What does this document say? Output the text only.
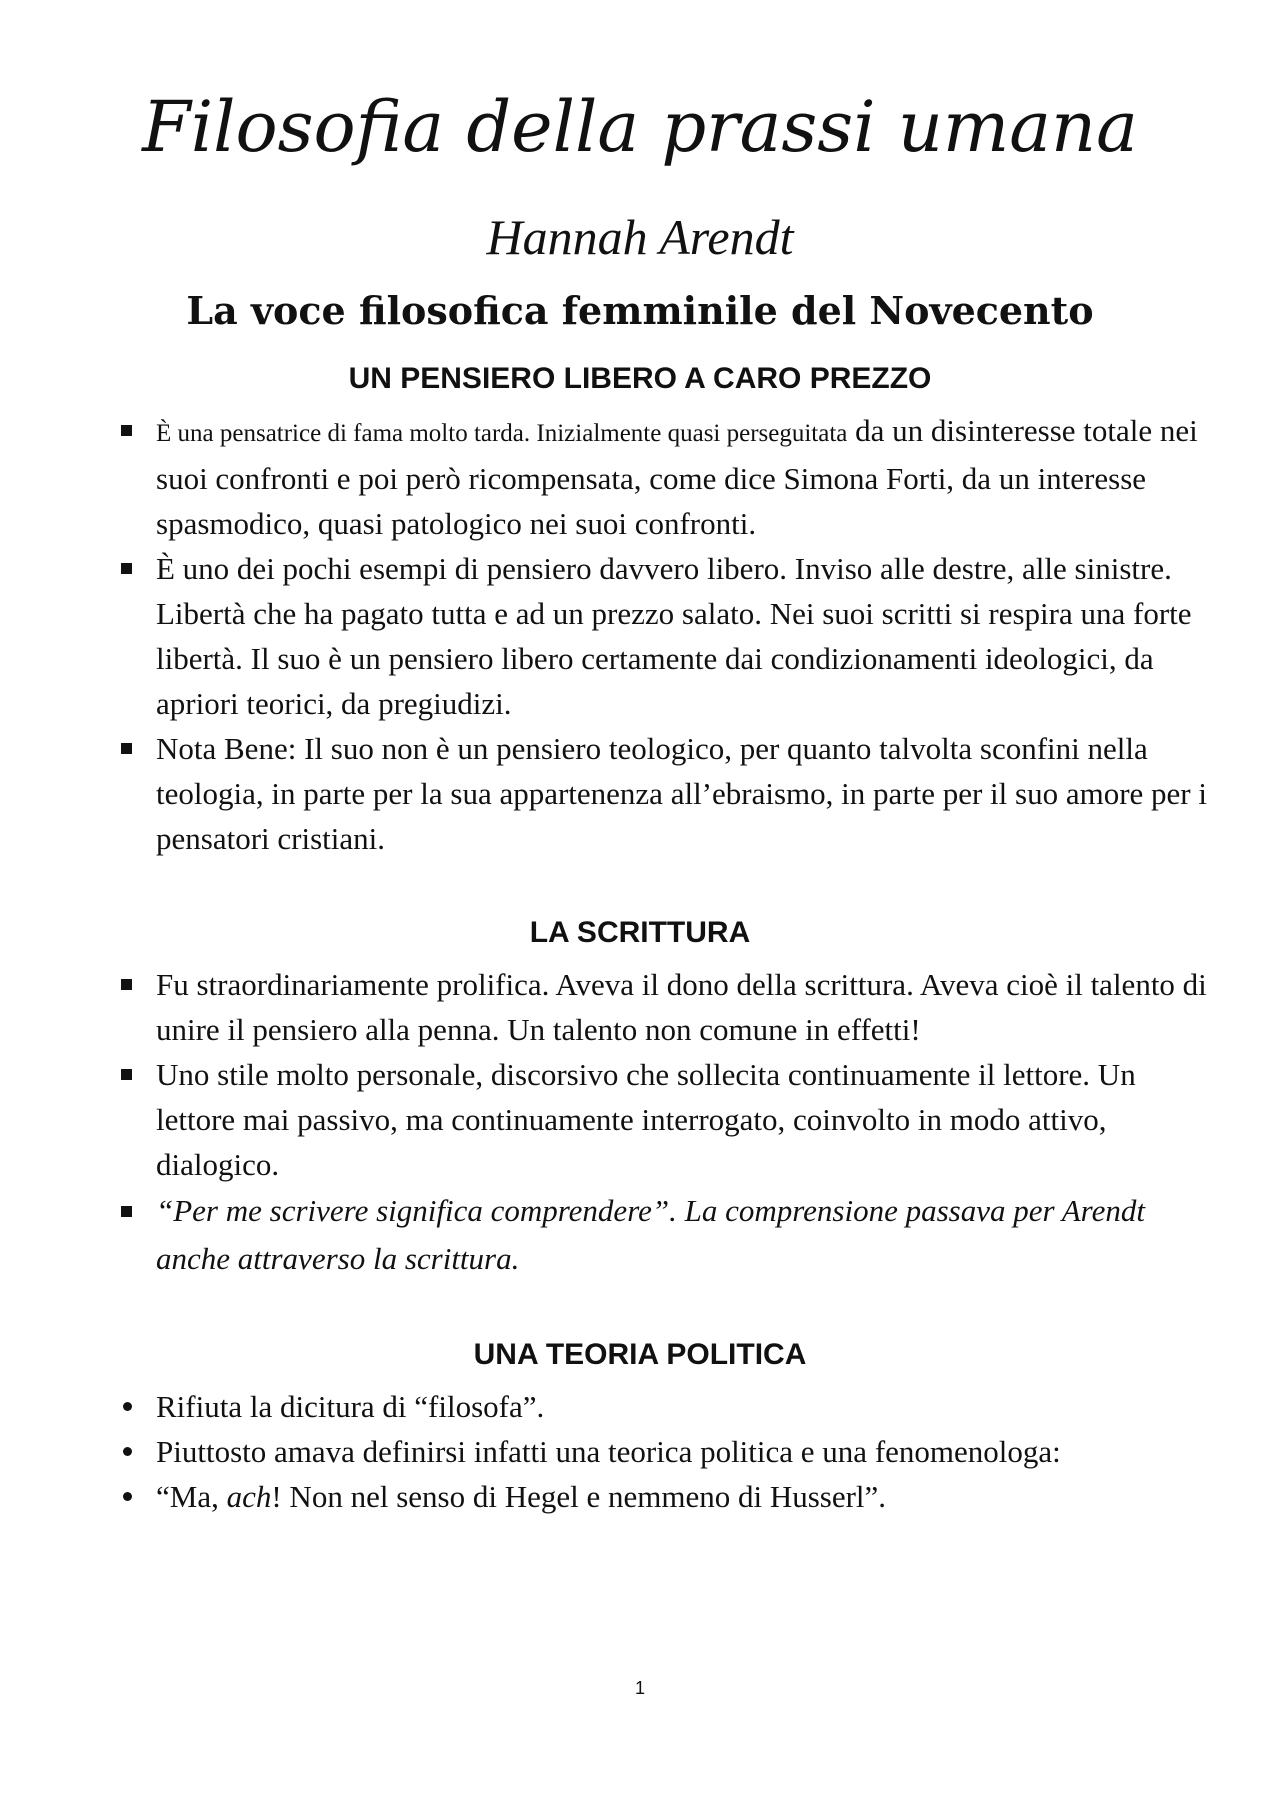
Filosofia della prassi umana
Hannah Arendt
La voce filosofica femminile del Novecento
UN PENSIERO LIBERO A CARO PREZZO
È una pensatrice di fama molto tarda. Inizialmente quasi perseguitata da un disinteresse totale nei suoi confronti e poi però ricompensata, come dice Simona Forti, da un interesse spasmodico, quasi patologico nei suoi confronti.
È uno dei pochi esempi di pensiero davvero libero. Inviso alle destre, alle sinistre. Libertà che ha pagato tutta e ad un prezzo salato. Nei suoi scritti si respira una forte libertà. Il suo è un pensiero libero certamente dai condizionamenti ideologici, da apriori teorici, da pregiudizi.
Nota Bene: Il suo non è un pensiero teologico, per quanto talvolta sconfini nella teologia, in parte per la sua appartenenza all’ebraismo, in parte per il suo amore per i pensatori cristiani.
LA SCRITTURA
Fu straordinariamente prolifica. Aveva il dono della scrittura. Aveva cioè il talento di unire il pensiero alla penna. Un talento non comune in effetti!
Uno stile molto personale, discorsivo che sollecita continuamente il lettore. Un lettore mai passivo, ma continuamente interrogato, coinvolto in modo attivo, dialogico.
“Per me scrivere significa comprendere”. La comprensione passava per Arendt anche attraverso la scrittura.
UNA TEORIA POLITICA
Rifiuta la dicitura di “filosofa”.
Piuttosto amava definirsi infatti una teorica politica e una fenomenologa:
“Ma, ach! Non nel senso di Hegel e nemmeno di Husserl”.
1
